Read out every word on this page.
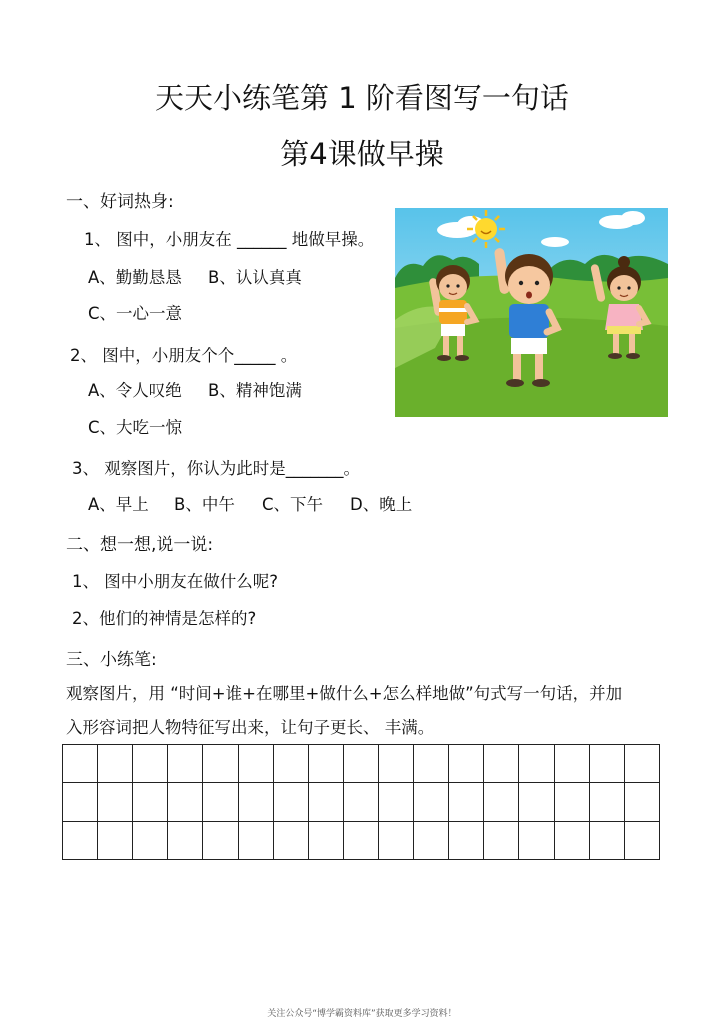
天天小练笔第 1 阶看图写一句话
第4课做早操
一、好词热身:
1、 图中，小朋友在 ______ 地做早操。
A、勤勤恳恳 B、认认真真
C、一心一意
2、 图中，小朋友个个_____ 。
A、令人叹绝 B、精神饱满
C、大吃一惊
3、 观察图片，你认为此时是_______。
A、早上 B、中午 C、下午 D、晚上
二、想一想,说一说:
1、 图中小朋友在做什么呢?
2、他们的神情是怎样的?
三、小练笔:
观察图片，用 “时间+谁+在哪里+做什么+怎么样地做”句式写一句话，并加
入形容词把人物特征写出来，让句子更长、 丰满。

关注公众号“博学霸资料库”获取更多学习资料！
